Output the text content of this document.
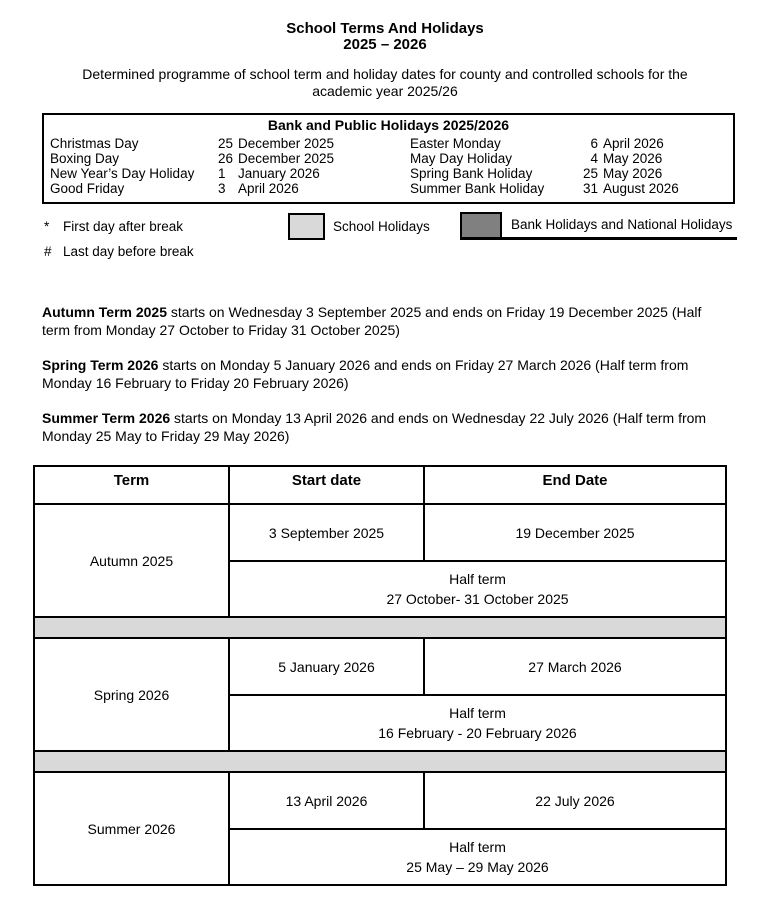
School Terms And Holidays
2025 – 2026
Determined programme of school term and holiday dates for county and controlled schools for the academic year 2025/26
Bank and Public Holidays 2025/2026
Christmas Day	25 December 2025	Easter Monday	6 April 2026
Boxing Day	26 December 2025	May Day Holiday	4 May 2026
New Year’s Day Holiday	1 January 2026	Spring Bank Holiday	25 May 2026
Good Friday	3 April 2026	Summer Bank Holiday	31 August 2026
* First day after break
# Last day before break
School Holidays	Bank Holidays and National Holidays

Autumn Term 2025 starts on Wednesday 3 September 2025 and ends on Friday 19 December 2025 (Half term from Monday 27 October to Friday 31 October 2025)

Spring Term 2026 starts on Monday 5 January 2026 and ends on Friday 27 March 2026 (Half term from Monday 16 February to Friday 20 February 2026)

Summer Term 2026 starts on Monday 13 April 2026 and ends on Wednesday 22 July 2026 (Half term from Monday 25 May to Friday 29 May 2026)

Term	Start date	End Date
Autumn 2025	3 September 2025	19 December 2025

	Half term
27 October- 31 October 2025	

Spring 2026	5 January 2026	27 March 2026

	Half term
16 February - 20 February 2026	

Summer 2026	13 April 2026	22 July 2026

	Half term
25 May – 29 May 2026	
